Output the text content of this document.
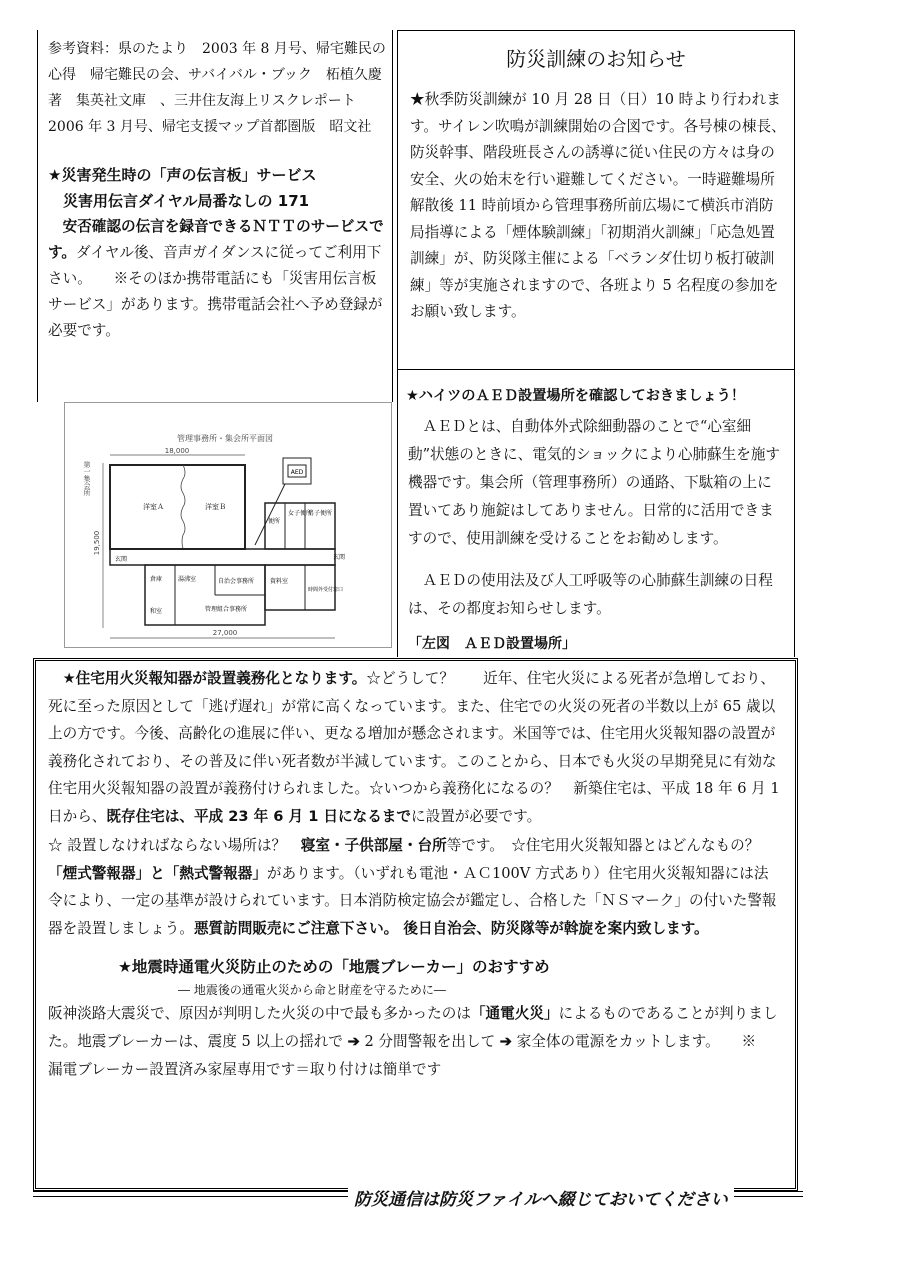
参考資料：県のたより　2003 年 8 月号、帰宅難民の心得　帰宅難民の会、サバイバル・ブック　柘植久慶著　集英社文庫　、三井住友海上リスクレポート　2006 年 3 月号、帰宅支援マップ首都圏版　昭文社

★災害発生時の「声の伝言板」サービス

　災害用伝言ダイヤル局番なしの 171

　安否確認の伝言を録音できるＮＴＴのサービスです。ダイヤル後、音声ガイダンスに従ってご利用下さい。　　※そのほか携帯電話にも「災害用伝言板サービス」があります。携帯電話会社へ予め登録が必要です。

防災訓練のお知らせ

★秋季防災訓練が 10 月 28 日（日）10 時より行われます。サイレン吹鳴が訓練開始の合図です。各号棟の棟長、防災幹事、階段班長さんの誘導に従い住民の方々は身の安全、火の始末を行い避難してください。一時避難場所解散後 11 時前頃から管理事務所前広場にて横浜市消防局指導による「煙体験訓練」「初期消火訓練」「応急処置訓練」が、防災隊主催による「ベランダ仕切り板打破訓練」等が実施されますので、各班より 5 名程度の参加をお願い致します。

★ハイツのＡＥＤ設置場所を確認しておきましょう！

ＡＥＤとは、自動体外式除細動器のことで“心室細動”状態のときに、電気的ショックにより心肺蘇生を施す機器です。集会所（管理事務所）の通路、下駄箱の上に置いてあり施錠はしてありません。日常的に活用できますので、使用訓練を受けることをお勧めします。

　ＡＥＤの使用法及び人工呼吸等の心肺蘇生訓練の日程は、その都度お知らせします。

「左図　ＡＥＤ設置場所」

管理事務所・集会所平面図
18,000
27,000
19,500
第一集会所
洋室Ａ	洋室Ｂ
玄関	玄関
便所
女子便所
男子便所
AED
倉庫
和室
湯沸室	自治会事務所
管理組合事務所
資料室
時間外受付窓口

　★住宅用火災報知器が設置義務化となります。☆どうして？　　近年、住宅火災による死者が急増しており、死に至った原因として「逃げ遅れ」が常に高くなっています。また、住宅での火災の死者の半数以上が 65 歳以上の方です。今後、高齢化の進展に伴い、更なる増加が懸念されます。米国等では、住宅用火災報知器の設置が義務化されており、その普及に伴い死者数が半減しています。このことから、日本でも火災の早期発見に有効な住宅用火災報知器の設置が義務付けられました。☆いつから義務化になるの？　新築住宅は、平成 18 年 6 月 1 日から、既存住宅は、平成 23 年 6 月 1 日になるまでに設置が必要です。

☆ 設置しなければならない場所は？　寝室・子供部屋・台所等です。　☆住宅用火災報知器とはどんなもの？「煙式警報器」と「熱式警報器」があります。（いずれも電池・ＡＣ100V 方式あり）住宅用火災報知器には法令により、一定の基準が設けられています。日本消防検定協会が鑑定し、合格した「ＮＳマーク」の付いた警報器を設置しましょう。悪質訪問販売にご注意下さい。 後日自治会、防災隊等が斡旋を案内致します。

★地震時通電火災防止のための「地震ブレーカー」のおすすめ

― 地震後の通電火災から命と財産を守るために―

阪神淡路大震災で、原因が判明した火災の中で最も多かったのは「通電火災」によるものであることが判りました。地震ブレーカーは、震度 5 以上の揺れで ➔ 2 分間警報を出して ➔ 家全体の電源をカットします。　　※　漏電ブレーカー設置済み家屋専用です＝取り付けは簡単です

防災通信は防災ファイルへ綴じておいてください
